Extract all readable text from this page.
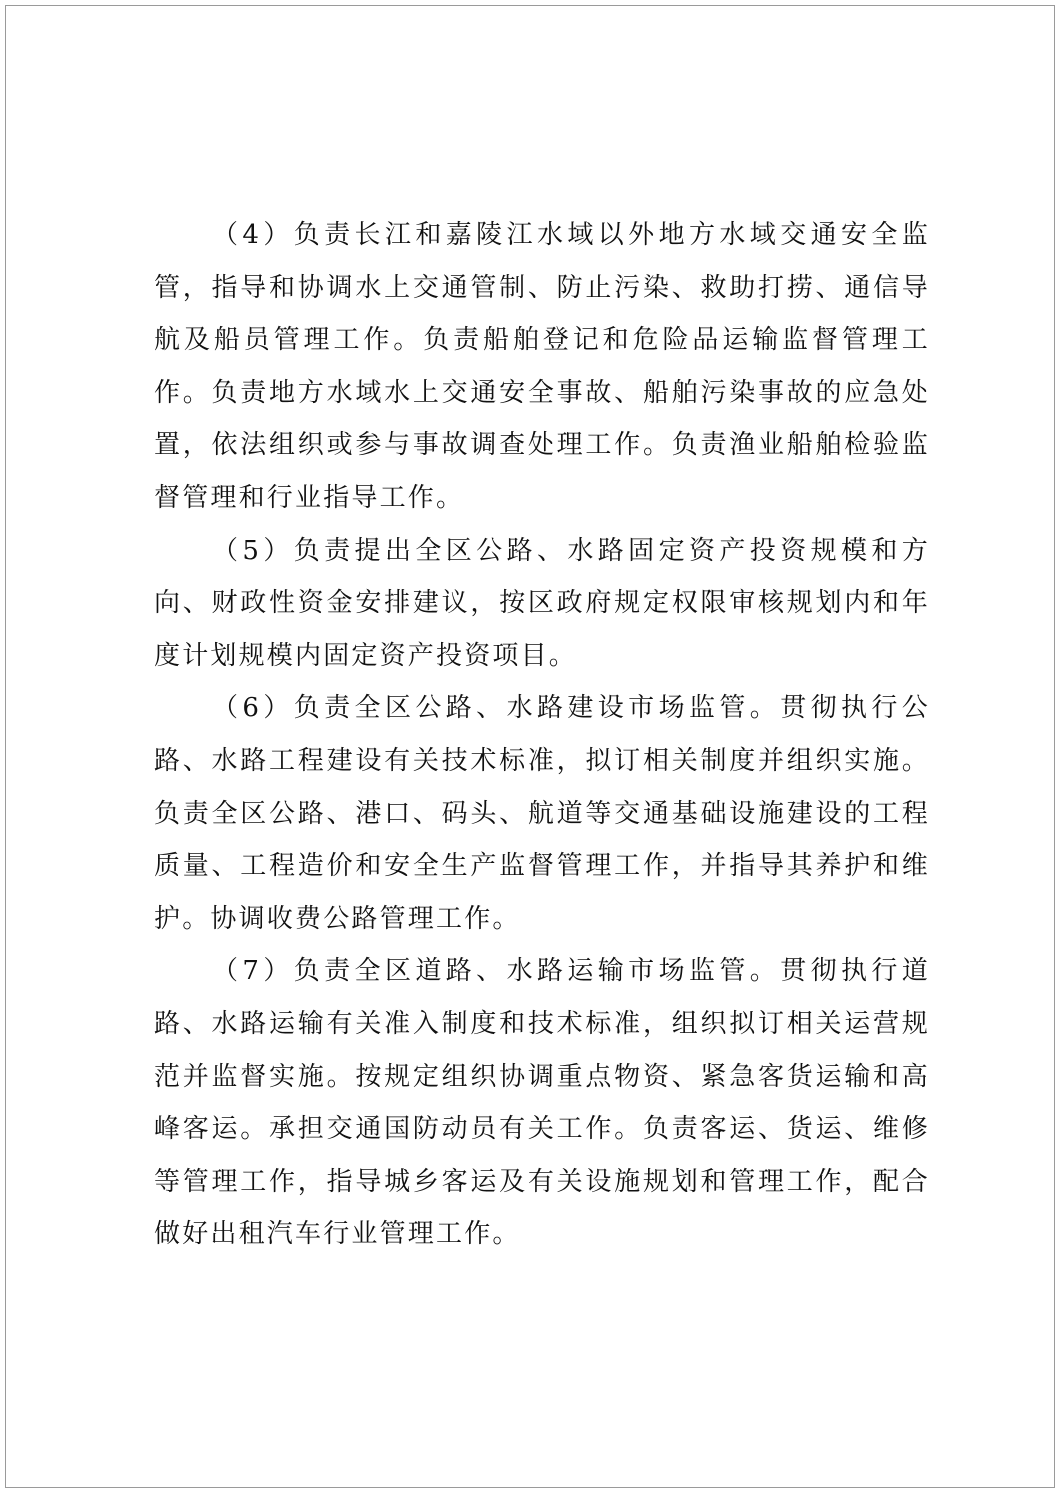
（4）负责长江和嘉陵江水域以外地方水域交通安全监管，指导和协调水上交通管制、防止污染、救助打捞、通信导航及船员管理工作。负责船舶登记和危险品运输监督管理工作。负责地方水域水上交通安全事故、船舶污染事故的应急处置，依法组织或参与事故调查处理工作。负责渔业船舶检验监督管理和行业指导工作。

（5）负责提出全区公路、水路固定资产投资规模和方向、财政性资金安排建议，按区政府规定权限审核规划内和年度计划规模内固定资产投资项目。

（6）负责全区公路、水路建设市场监管。贯彻执行公路、水路工程建设有关技术标准，拟订相关制度并组织实施。负责全区公路、港口、码头、航道等交通基础设施建设的工程质量、工程造价和安全生产监督管理工作，并指导其养护和维护。协调收费公路管理工作。

（7）负责全区道路、水路运输市场监管。贯彻执行道路、水路运输有关准入制度和技术标准，组织拟订相关运营规范并监督实施。按规定组织协调重点物资、紧急客货运输和高峰客运。承担交通国防动员有关工作。负责客运、货运、维修等管理工作，指导城乡客运及有关设施规划和管理工作，配合做好出租汽车行业管理工作。
